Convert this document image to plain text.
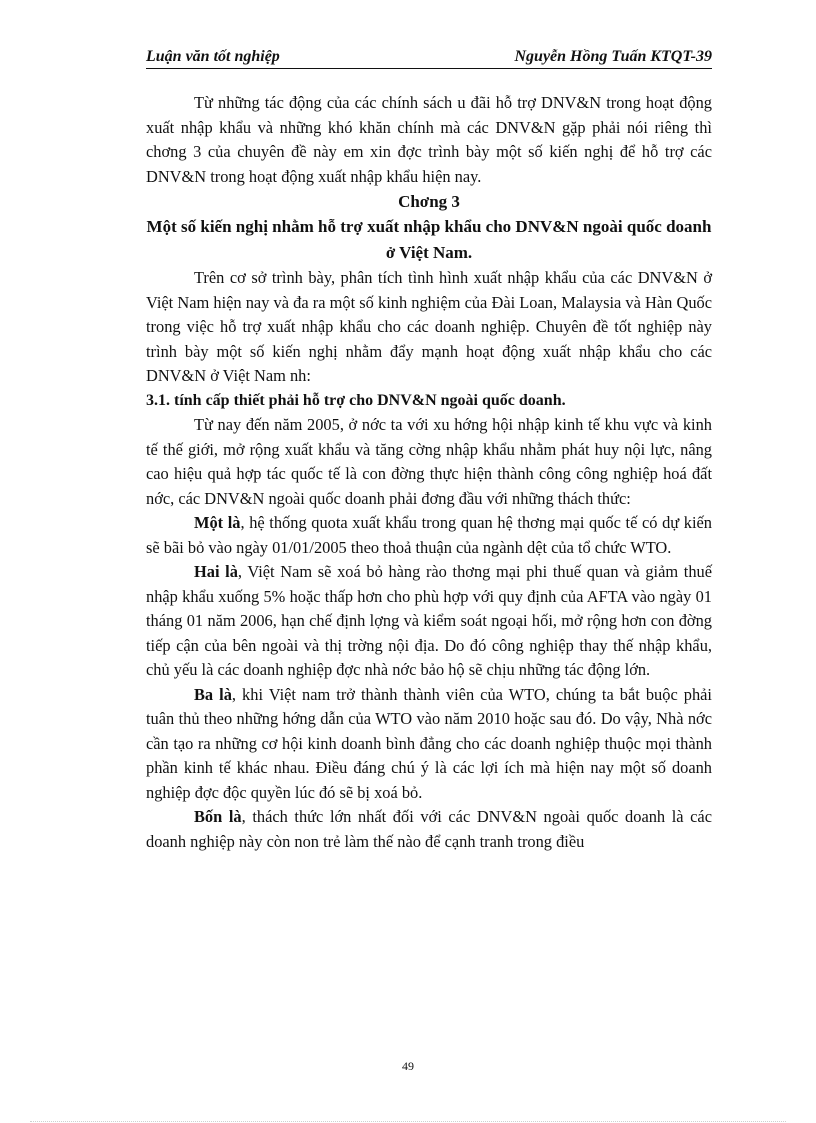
Luận văn tốt nghiệp	Nguyễn Hồng Tuấn KTQT-39

Từ những tác động của các chính sách u đãi hỗ trợ DNV&N trong hoạt động xuất nhập khẩu và những khó khăn chính mà các DNV&N gặp phải nói riêng thì chơng 3 của chuyên đề này em xin đợc trình bày một số kiến nghị để hỗ trợ các DNV&N trong hoạt động xuất nhập khẩu hiện nay.

Chơng 3

Một số kiến nghị nhằm hỗ trợ xuất nhập khẩu cho DNV&N ngoài quốc doanh ở Việt Nam.

Trên cơ sở trình bày, phân tích tình hình xuất nhập khẩu của các DNV&N ở Việt Nam hiện nay và đa ra một số kinh nghiệm của Đài Loan, Malaysia và Hàn Quốc trong việc hỗ trợ xuất nhập khẩu cho các doanh nghiệp. Chuyên đề tốt nghiệp này trình bày một số kiến nghị nhằm đẩy mạnh hoạt động xuất nhập khẩu cho các DNV&N ở Việt Nam nh:

3.1. tính cấp thiết phải hỗ trợ cho DNV&N ngoài quốc doanh.

Từ nay đến năm 2005, ở nớc ta với xu hớng hội nhập kinh tế khu vực và kinh tế thế giới, mở rộng xuất khẩu và tăng cờng nhập khẩu nhằm phát huy nội lực, nâng cao hiệu quả hợp tác quốc tế là con đờng thực hiện thành công công nghiệp hoá đất nớc, các DNV&N ngoài quốc doanh phải đơng đầu với những thách thức:

Một là, hệ thống quota xuất khẩu trong quan hệ thơng mại quốc tế có dự kiến sẽ bãi bỏ vào ngày 01/01/2005 theo thoả thuận của ngành dệt của tổ chức WTO.

Hai là, Việt Nam sẽ xoá bỏ hàng rào thơng mại phi thuế quan và giảm thuế nhập khẩu xuống 5% hoặc thấp hơn cho phù hợp với quy định của AFTA vào ngày 01 tháng 01 năm 2006, hạn chế định lợng và kiểm soát ngoại hối, mở rộng hơn con đờng tiếp cận của bên ngoài và thị trờng nội địa. Do đó công nghiệp thay thế nhập khẩu, chủ yếu là các doanh nghiệp đợc nhà nớc bảo hộ sẽ chịu những tác động lớn.

Ba là, khi Việt nam trở thành thành viên của WTO, chúng ta bắt buộc phải tuân thủ theo những hớng dẫn của WTO vào năm 2010 hoặc sau đó. Do vậy, Nhà nớc cần tạo ra những cơ hội kinh doanh bình đẳng cho các doanh nghiệp thuộc mọi thành phần kinh tế khác nhau. Điều đáng chú ý là các lợi ích mà hiện nay một số doanh nghiệp đợc độc quyền lúc đó sẽ bị xoá bỏ.

Bốn là, thách thức lớn nhất đối với các DNV&N ngoài quốc doanh là các doanh nghiệp này còn non trẻ làm thế nào để cạnh tranh trong điều

49
